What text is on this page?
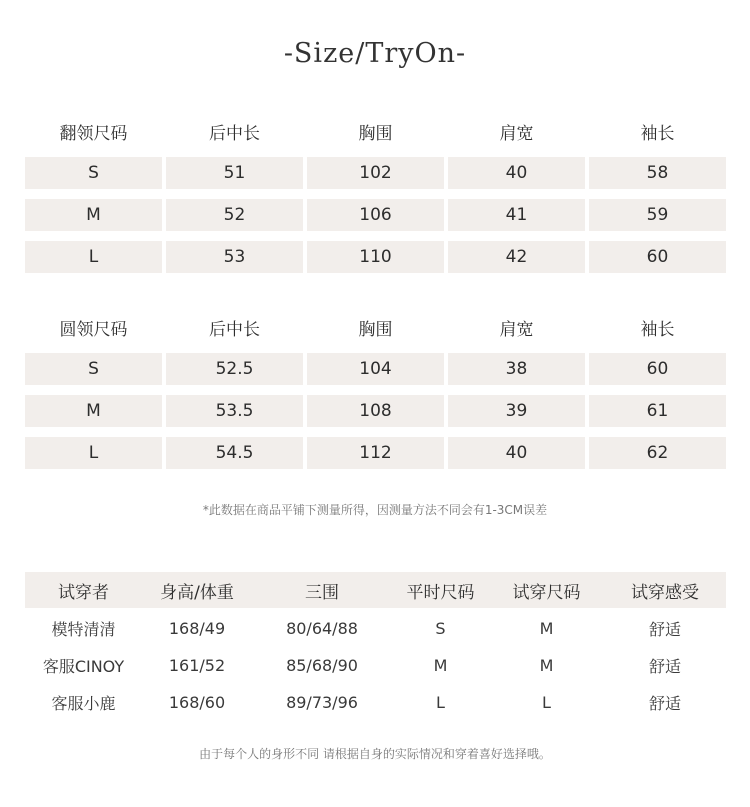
-Size/TryOn-
翻领尺码	后中长	胸围	肩宽	袖长
S	51	102	40	58
M	52	106	41	59
L	53	110	42	60
圆领尺码	后中长	胸围	肩宽	袖长
S	52.5	104	38	60
M	53.5	108	39	61
L	54.5	112	40	62
*此数据在商品平铺下测量所得，因测量方法不同会有1-3CM误差
试穿者	身高/体重	三围	平时尺码	试穿尺码	试穿感受
模特清清	168/49	80/64/88	S	M	舒适
客服CINOY	161/52	85/68/90	M	M	舒适
客服小鹿	168/60	89/73/96	L	L	舒适
由于每个人的身形不同 请根据自身的实际情况和穿着喜好选择哦。
